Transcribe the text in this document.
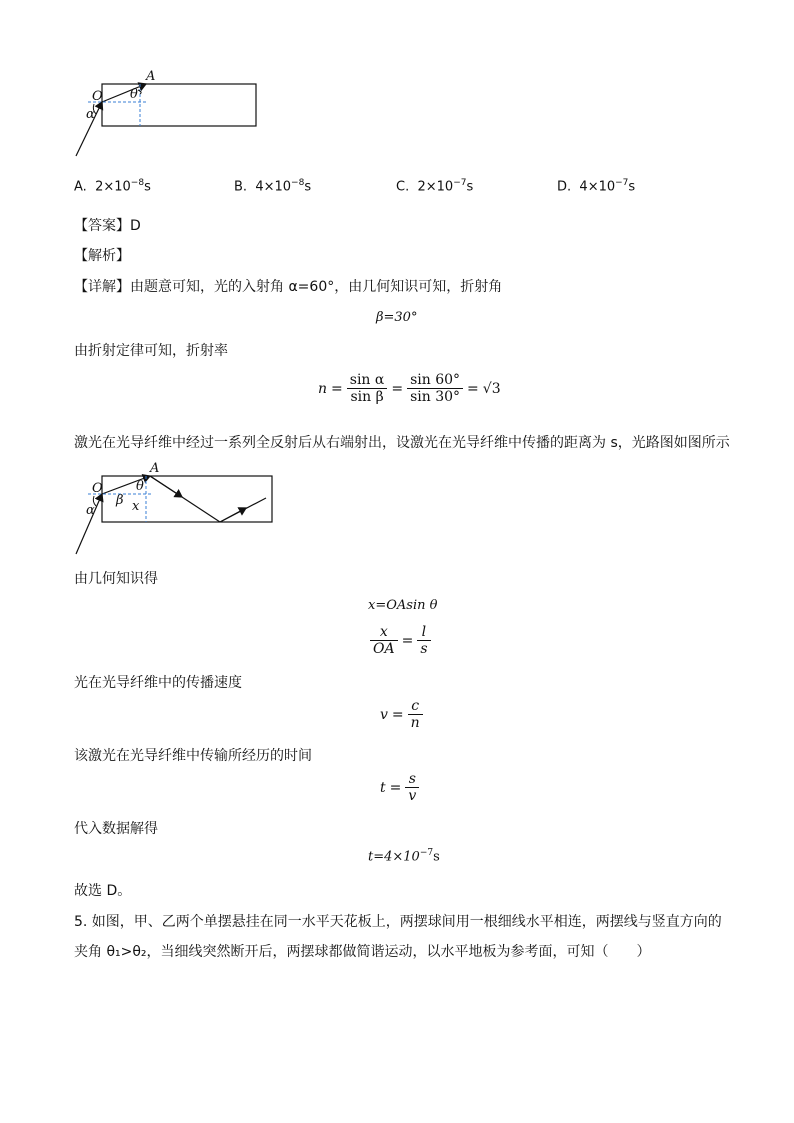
A
O
α
θ
A. $2\times 10^{-8}s$	B. $4\times 10^{-8}s$	C. $2\times 10^{-7}s$	D. $4\times 10^{-7}s$
【答案】D
【解析】
【详解】由题意可知，光的入射角 α=60°，由几何知识可知，折射角
β=30°
由折射定律可知，折射率
$n = \frac{\text{sin α}}{\text{sin β}} = \frac{\sin 60^\circ}{\sin 30^\circ} = √3$
激光在光导纤维中经过一系列全反射后从右端射出，设激光在光导纤维中传播的距离为 s，光路图如图所示
A
O
α
β
θ
x
由几何知识得
x=OAsin θ
$\frac{x}{OA} = \frac{l}{s}$
光在光导纤维中的传播速度
$v = \frac{c}{n}$
该激光在光导纤维中传输所经历的时间
$t = \frac{s}{v}$
代入数据解得
$t=4\times 10^{-7}s$
故选 D。
5. 如图，甲、乙两个单摆悬挂在同一水平天花板上，两摆球间用一根细线水平相连，两摆线与竖直方向的
夹角 θ₁>θ₂，当细线突然断开后，两摆球都做简谐运动，以水平地板为参考面，可知（　　）
